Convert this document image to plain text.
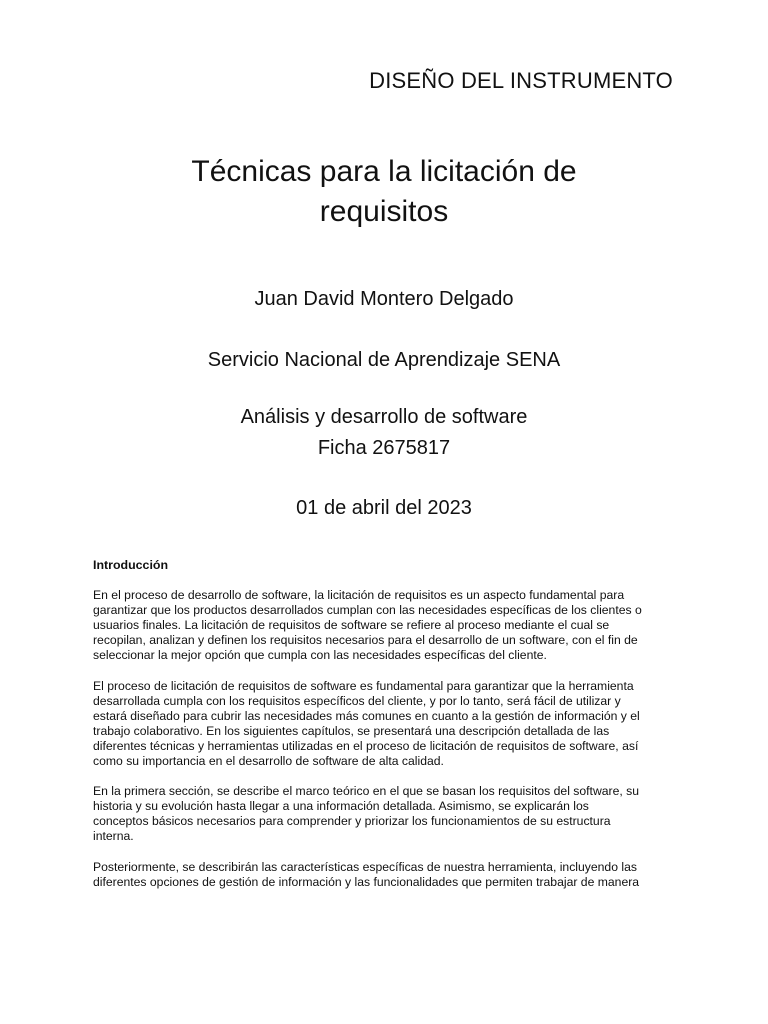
DISEÑO DEL INSTRUMENTO
Técnicas para la licitación de
requisitos
Juan David Montero Delgado
Servicio Nacional de Aprendizaje SENA
Análisis y desarrollo de software
Ficha 2675817
01 de abril del 2023
Introducción
En el proceso de desarrollo de software, la licitación de requisitos es un aspecto fundamental para
garantizar que los productos desarrollados cumplan con las necesidades específicas de los clientes o
usuarios finales. La licitación de requisitos de software se refiere al proceso mediante el cual se
recopilan, analizan y definen los requisitos necesarios para el desarrollo de un software, con el fin de
seleccionar la mejor opción que cumpla con las necesidades específicas del cliente.
El proceso de licitación de requisitos de software es fundamental para garantizar que la herramienta
desarrollada cumpla con los requisitos específicos del cliente, y por lo tanto, será fácil de utilizar y
estará diseñado para cubrir las necesidades más comunes en cuanto a la gestión de información y el
trabajo colaborativo. En los siguientes capítulos, se presentará una descripción detallada de las
diferentes técnicas y herramientas utilizadas en el proceso de licitación de requisitos de software, así
como su importancia en el desarrollo de software de alta calidad.
En la primera sección, se describe el marco teórico en el que se basan los requisitos del software, su
historia y su evolución hasta llegar a una información detallada. Asimismo, se explicarán los
conceptos básicos necesarios para comprender y priorizar los funcionamientos de su estructura
interna.
Posteriormente, se describirán las características específicas de nuestra herramienta, incluyendo las
diferentes opciones de gestión de información y las funcionalidades que permiten trabajar de manera
